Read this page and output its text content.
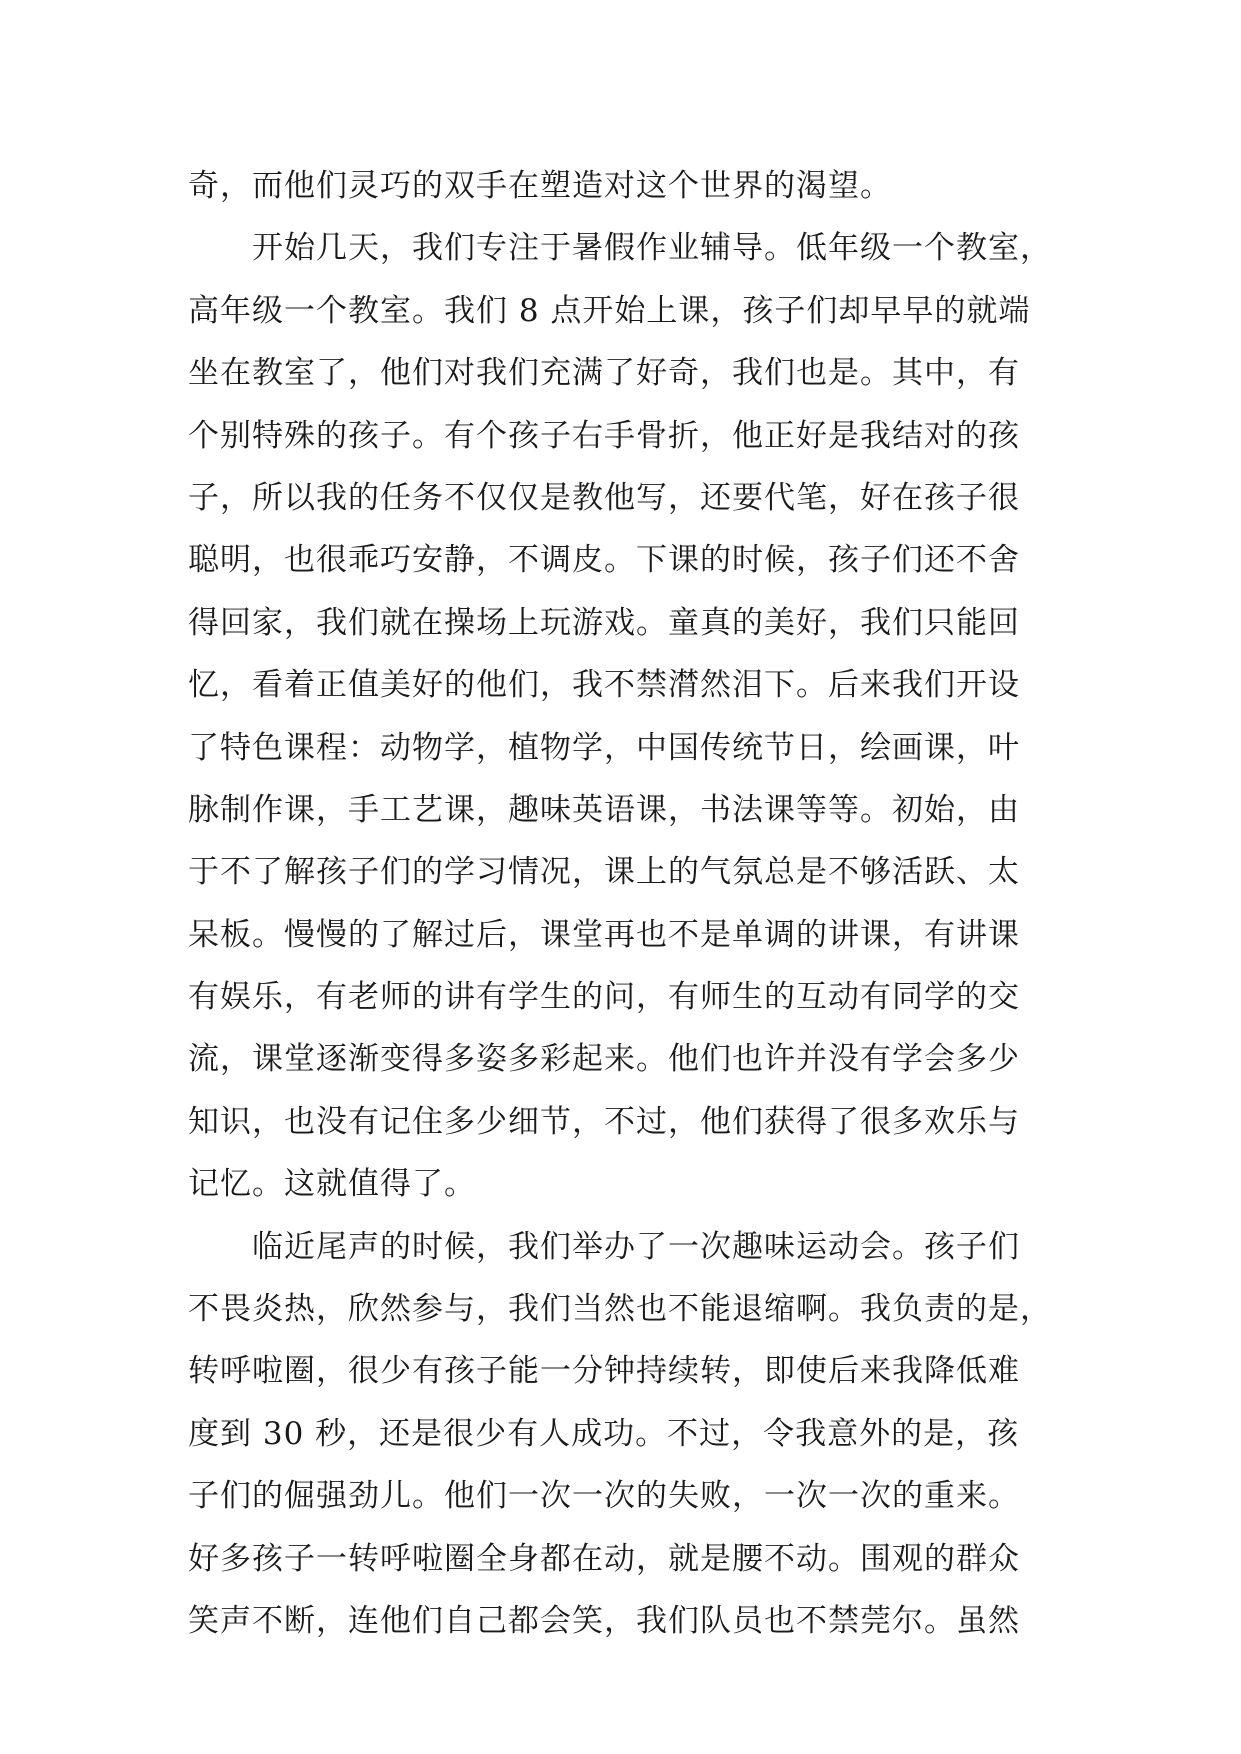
奇，而他们灵巧的双手在塑造对这个世界的渴望。
开始几天，我们专注于暑假作业辅导。低年级一个教室，
高年级一个教室。我们 8 点开始上课，孩子们却早早的就端
坐在教室了，他们对我们充满了好奇，我们也是。其中，有
个别特殊的孩子。有个孩子右手骨折，他正好是我结对的孩
子，所以我的任务不仅仅是教他写，还要代笔，好在孩子很
聪明，也很乖巧安静，不调皮。下课的时候，孩子们还不舍
得回家，我们就在操场上玩游戏。童真的美好，我们只能回
忆，看着正值美好的他们，我不禁潸然泪下。后来我们开设
了特色课程：动物学，植物学，中国传统节日，绘画课，叶
脉制作课，手工艺课，趣味英语课，书法课等等。初始，由
于不了解孩子们的学习情况，课上的气氛总是不够活跃、太
呆板。慢慢的了解过后，课堂再也不是单调的讲课，有讲课
有娱乐，有老师的讲有学生的问，有师生的互动有同学的交
流，课堂逐渐变得多姿多彩起来。他们也许并没有学会多少
知识，也没有记住多少细节，不过，他们获得了很多欢乐与
记忆。这就值得了。
临近尾声的时候，我们举办了一次趣味运动会。孩子们
不畏炎热，欣然参与，我们当然也不能退缩啊。我负责的是，
转呼啦圈，很少有孩子能一分钟持续转，即使后来我降低难
度到 30 秒，还是很少有人成功。不过，令我意外的是，孩
子们的倔强劲儿。他们一次一次的失败，一次一次的重来。
好多孩子一转呼啦圈全身都在动，就是腰不动。围观的群众
笑声不断，连他们自己都会笑，我们队员也不禁莞尔。虽然
